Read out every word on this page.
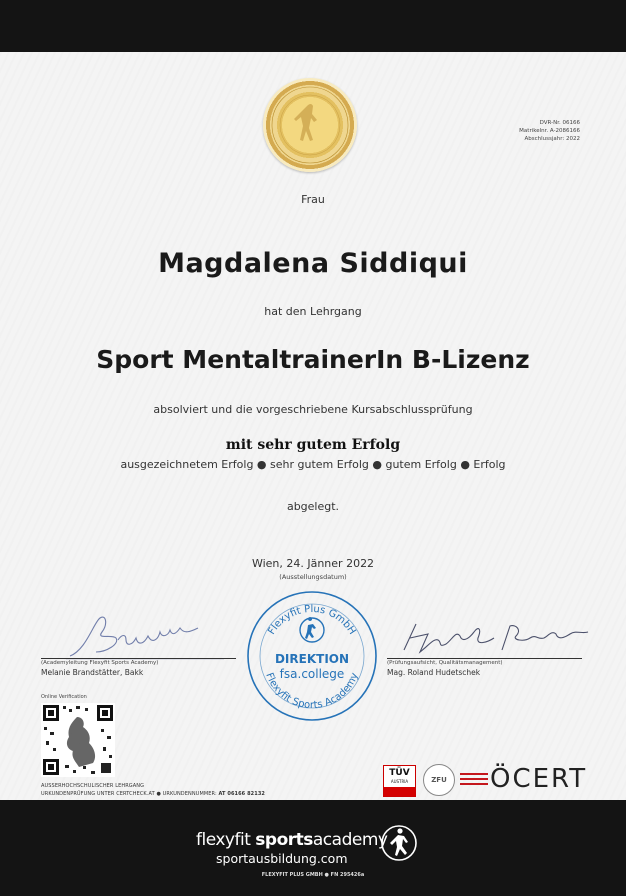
DVR-Nr. 06166
Matrikelnr. A-2086166
Abschlussjahr: 2022
Frau
Magdalena Siddiqui
hat den Lehrgang
Sport MentaltrainerIn B-Lizenz
absolviert und die vorgeschriebene Kursabschlussprüfung
mit sehr gutem Erfolg
ausgezeichnetem Erfolg ● sehr gutem Erfolg ● gutem Erfolg ● Erfolg
abgelegt.
Wien, 24. Jänner 2022
(Ausstellungsdatum)
(Academyleitung Flexyfit Sports Academy)
Melanie Brandstätter, Bakk
(Prüfungsaufsicht, Qualitätsmanagement)
Mag. Roland Hudetschek
Flexyfit Plus GmbH
Flexyfit Sports Academy
DIREKTION
fsa.college
Online Verification
AUSSERHOCHSCHULISCHER LEHRGANG
URKUNDENPRÜFUNG UNTER CERTCHECK.AT ● URKUNDENNUMMER: AT 06166 82132
TÜV
AUSTRIA	ZFU	ÖCERT
flexyfit sportsacademy
sportausbildung.com
FLEXYFIT PLUS GMBH ● FN 295426a
